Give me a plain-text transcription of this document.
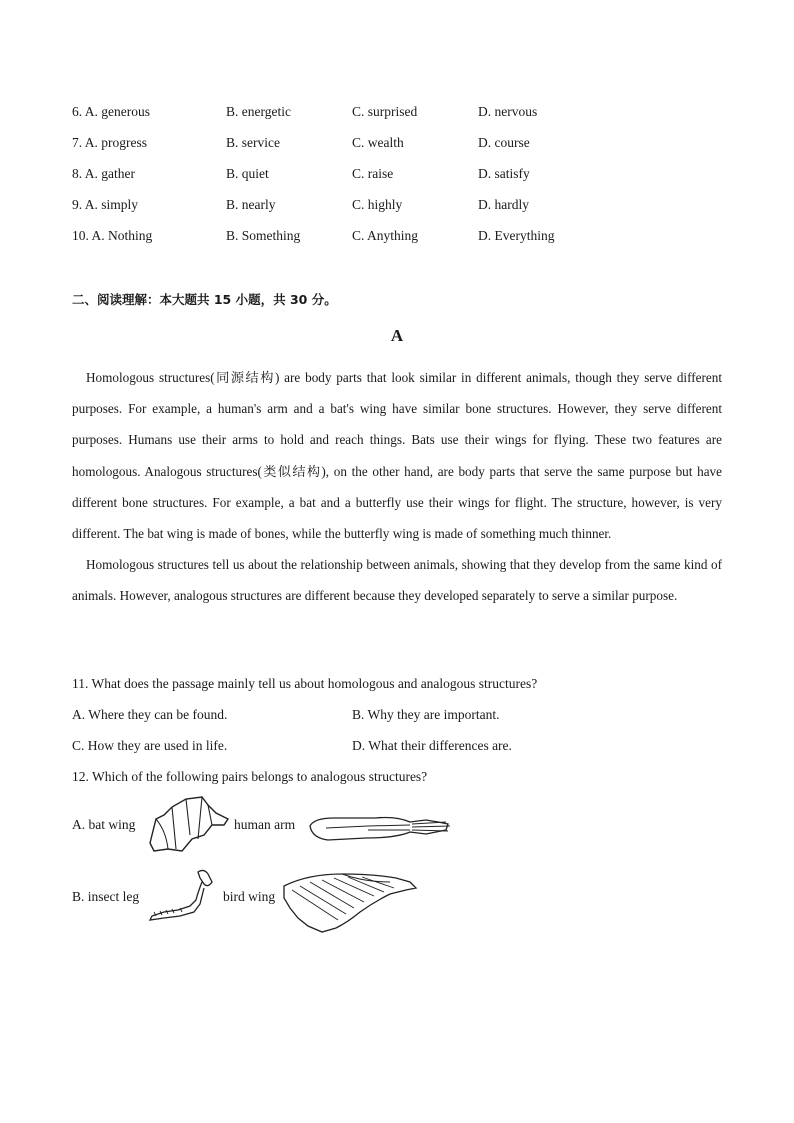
6. A. generous	B. energetic	C. surprised	D. nervous
7. A. progress	B. service	C. wealth	D. course
8. A. gather	B. quiet	C. raise	D. satisfy
9. A. simply	B. nearly	C. highly	D. hardly
10. A. Nothing	B. Something	C. Anything	D. Everything
二、阅读理解：本大题共 15 小题，共 30 分。
A

Homologous structures(同源结构) are body parts that look similar in different animals, though they serve different purposes. For example, a human's arm and a bat's wing have similar bone structures. However, they serve different purposes. Humans use their arms to hold and reach things. Bats use their wings for flying. These two features are homologous. Analogous structures(类似结构), on the other hand, are body parts that serve the same purpose but have different bone structures. For example, a bat and a butterfly use their wings for flight. The structure, however, is very different. The bat wing is made of bones, while the butterfly wing is made of something much thinner.

Homologous structures tell us about the relationship between animals, showing that they develop from the same kind of animals. However, analogous structures are different because they developed separately to serve a similar purpose.

11. What does the passage mainly tell us about homologous and analogous structures?
A. Where they can be found.	B. Why they are important.
C. How they are used in life.	D. What their differences are.
12. Which of the following pairs belongs to analogous structures?
A. bat wing	human arm
B. insect leg	bird wing
